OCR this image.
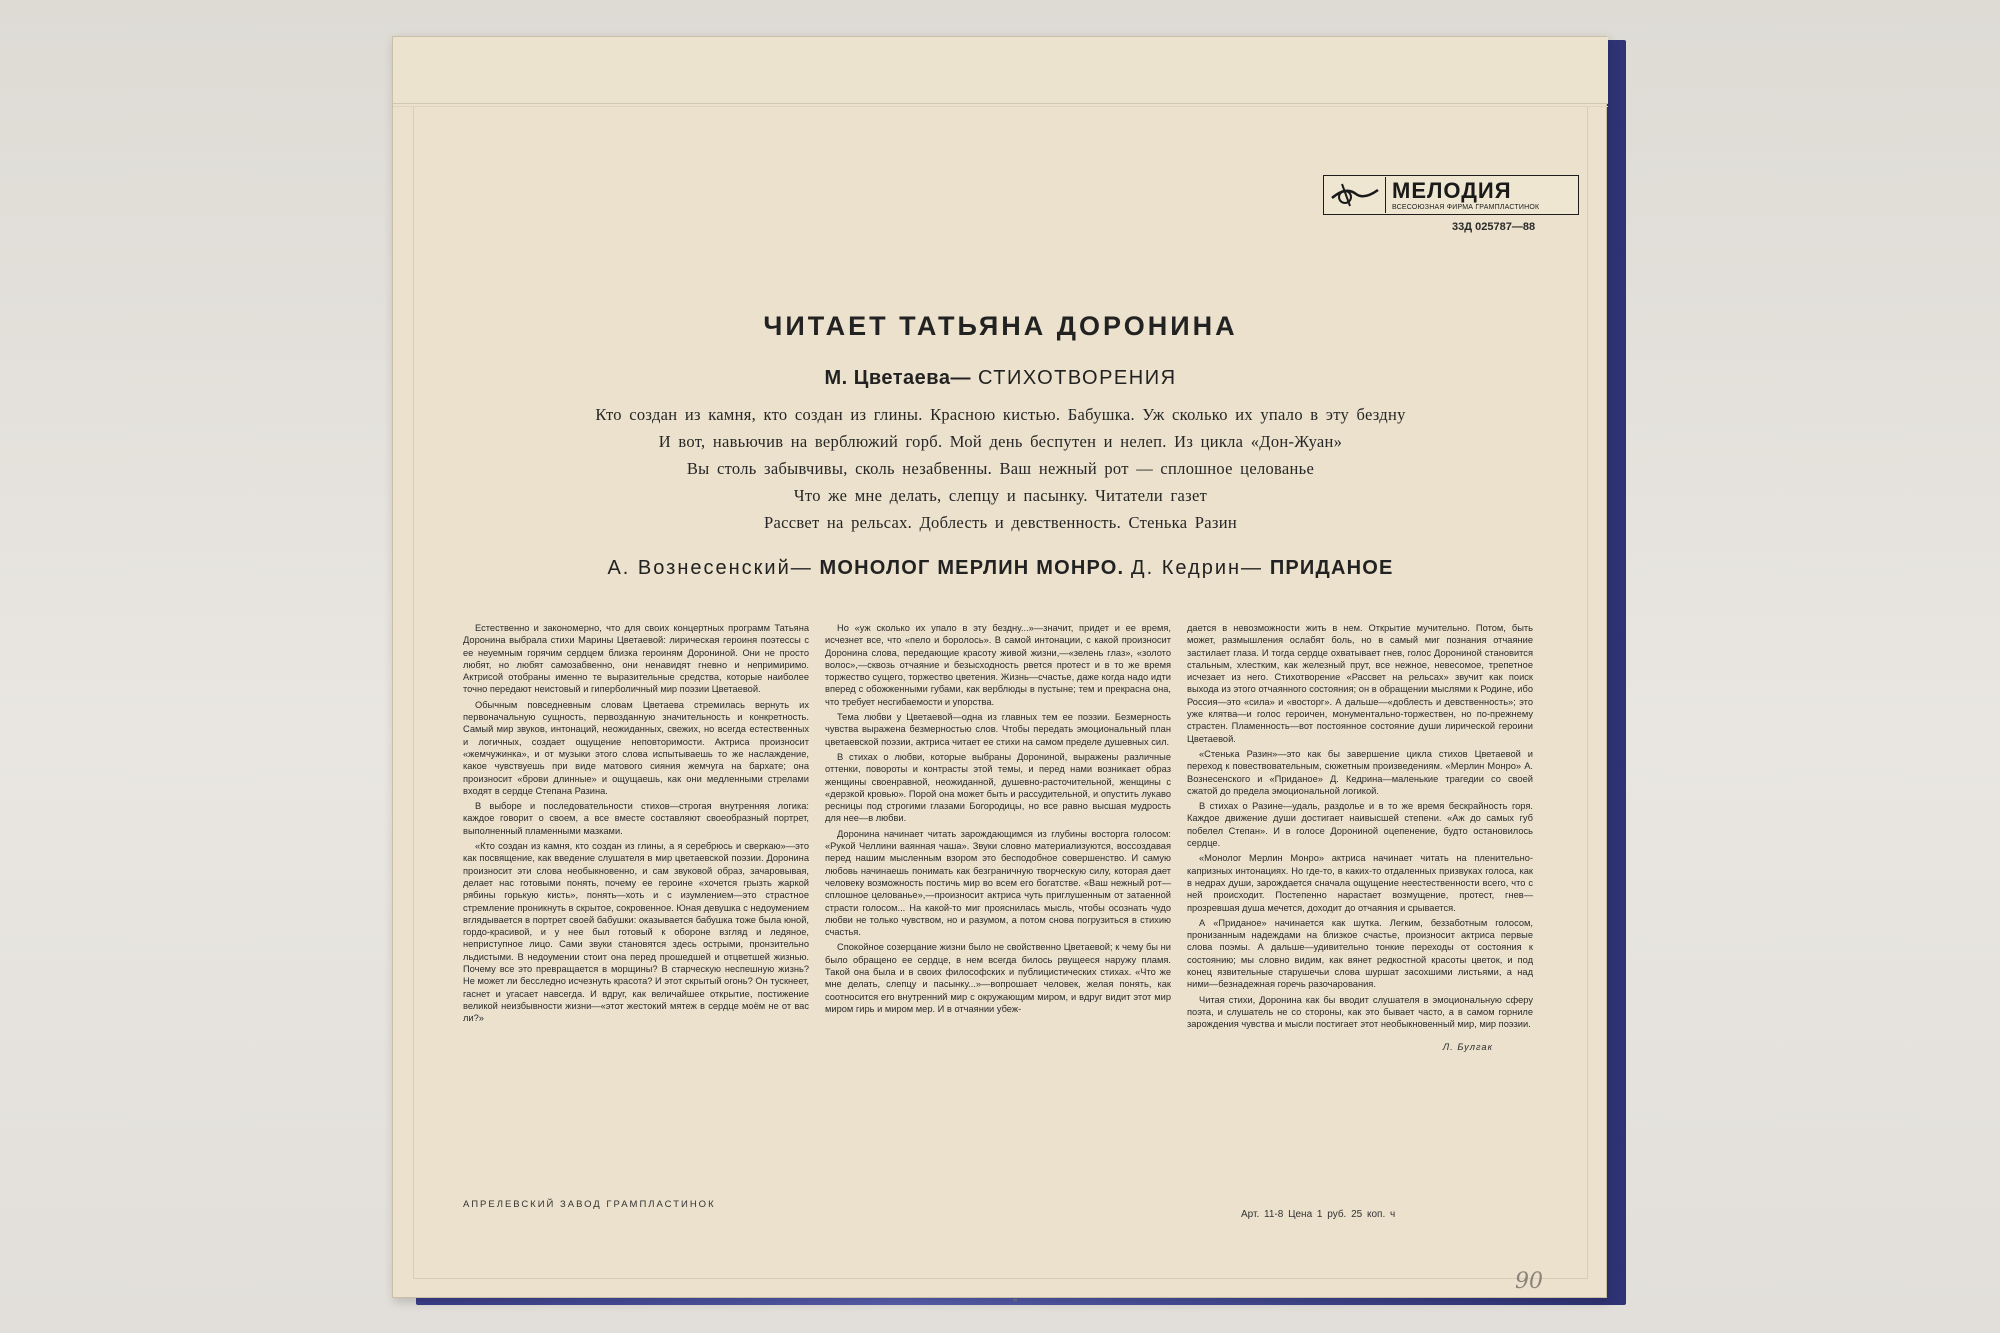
МЕЛОДИЯ
ВСЕСОЮЗНАЯ ФИРМА ГРАМПЛАСТИНОК
33Д 025787—88
ЧИТАЕТ ТАТЬЯНА ДОРОНИНА
М. Цветаева— СТИХОТВОРЕНИЯ
Кто создан из камня, кто создан из глины. Красною кистью. Бабушка. Уж сколько их упало в эту бездну
И вот, навьючив на верблюжий горб. Мой день беспутен и нелеп. Из цикла «Дон-Жуан»
Вы столь забывчивы, сколь незабвенны. Ваш нежный рот — сплошное целованье
Что же мне делать, слепцу и пасынку. Читатели газет
Рассвет на рельсах. Доблесть и девственность. Стенька Разин
А. Вознесенский— МОНОЛОГ МЕРЛИН МОНРО. Д. Кедрин— ПРИДАНОЕ

Естественно и закономерно, что для своих концертных программ Татьяна Доронина выбрала стихи Марины Цветаевой: лирическая героиня поэтессы с ее неуемным горячим сердцем близка героиням Дорониной. Они не просто любят, но любят самозабвенно, они ненавидят гневно и непримиримо. Актрисой отобраны именно те выразительные средства, которые наиболее точно передают неистовый и гиперболичный мир поэзии Цветаевой.

Обычным повседневным словам Цветаева стремилась вернуть их первоначальную сущность, первозданную значительность и конкретность. Самый мир звуков, интонаций, неожиданных, свежих, но всегда естественных и логичных, создает ощущение неповторимости. Актриса произносит «жемчужинка», и от музыки этого слова испытываешь то же наслаждение, какое чувствуешь при виде матового сияния жемчуга на бархате; она произносит «брови длинные» и ощущаешь, как они медленными стрелами входят в сердце Степана Разина.

В выборе и последовательности стихов—строгая внутренняя логика: каждое говорит о своем, а все вместе составляют своеобразный портрет, выполненный пламенными мазками.

«Кто создан из камня, кто создан из глины, а я серебрюсь и сверкаю»—это как посвящение, как введение слушателя в мир цветаевской поэзии. Доронина произносит эти слова необыкновенно, и сам звуковой образ, зачаровывая, делает нас готовыми понять, почему ее героине «хочется грызть жаркой рябины горькую кисть», понять—хоть и с изумлением—это страстное стремление проникнуть в скрытое, сокровенное. Юная девушка с недоумением вглядывается в портрет своей бабушки: оказывается бабушка тоже была юной, гордо-красивой, и у нее был готовый к обороне взгляд и ледяное, неприступное лицо. Сами звуки становятся здесь острыми, пронзительно льдистыми. В недоумении стоит она перед прошедшей и отцветшей жизнью. Почему все это превращается в морщины? В старческую неспешную жизнь? Не может ли бесследно исчезнуть красота? И этот скрытый огонь? Он тускнеет, гаснет и угасает навсегда. И вдруг, как величайшее открытие, постижение великой неизбывности жизни—«этот жестокий мятеж в сердце моём не от вас ли?»

Но «уж сколько их упало в эту бездну...»—значит, придет и ее время, исчезнет все, что «пело и боролось». В самой интонации, с какой произносит Доронина слова, передающие красоту живой жизни,—«зелень глаз», «золото волос»,—сквозь отчаяние и безысходность рвется протест и в то же время торжество сущего, торжество цветения. Жизнь—счастье, даже когда надо идти вперед с обожженными губами, как верблюды в пустыне; тем и прекрасна она, что требует несгибаемости и упорства.

Тема любви у Цветаевой—одна из главных тем ее поэзии. Безмерность чувства выражена безмерностью слов. Чтобы передать эмоциональный план цветаевской поэзии, актриса читает ее стихи на самом пределе душевных сил.

В стихах о любви, которые выбраны Дорониной, выражены различные оттенки, повороты и контрасты этой темы, и перед нами возникает образ женщины своенравной, неожиданной, душевно-расточительной, женщины с «дерзкой кровью». Порой она может быть и рассудительной, и опустить лукаво ресницы под строгими глазами Богородицы, но все равно высшая мудрость для нее—в любви.

Доронина начинает читать зарождающимся из глубины восторга голосом: «Рукой Челлини ваянная чаша». Звуки словно материализуются, воссоздавая перед нашим мысленным взором это бесподобное совершенство. И самую любовь начинаешь понимать как безграничную творческую силу, которая дает человеку возможность постичь мир во всем его богатстве. «Ваш нежный рот—сплошное целованье»,—произносит актриса чуть приглушенным от затаенной страсти голосом... На какой-то миг прояснилась мысль, чтобы осознать чудо любви не только чувством, но и разумом, а потом снова погрузиться в стихию счастья.

Спокойное созерцание жизни было не свойственно Цветаевой; к чему бы ни было обращено ее сердце, в нем всегда билось рвущееся наружу пламя. Такой она была и в своих философских и публицистических стихах. «Что же мне делать, слепцу и пасынку...»—вопрошает человек, желая понять, как соотносится его внутренний мир с окружающим миром, и вдруг видит этот мир миром гирь и миром мер. И в отчаянии убеж-

дается в невозможности жить в нем. Открытие мучительно. Потом, быть может, размышления ослабят боль, но в самый миг познания отчаяние застилает глаза. И тогда сердце охватывает гнев, голос Дорониной становится стальным, хлестким, как железный прут, все нежное, невесомое, трепетное исчезает из него. Стихотворение «Рассвет на рельсах» звучит как поиск выхода из этого отчаянного состояния; он в обращении мыслями к Родине, ибо Россия—это «сила» и «восторг». А дальше—«доблесть и девственность»; это уже клятва—и голос героичен, монументально-торжествен, но по-прежнему страстен. Пламенность—вот постоянное состояние души лирической героини Цветаевой.

«Стенька Разин»—это как бы завершение цикла стихов Цветаевой и переход к повествовательным, сюжетным произведениям. «Мерлин Монро» А. Вознесенского и «Приданое» Д. Кедрина—маленькие трагедии со своей сжатой до предела эмоциональной логикой.

В стихах о Разине—удаль, раздолье и в то же время бескрайность горя. Каждое движение души достигает наивысшей степени. «Аж до самых губ побелел Степан». И в голосе Дорониной оцепенение, будто остановилось сердце.

«Монолог Мерлин Монро» актриса начинает читать на пленительно-капризных интонациях. Но где-то, в каких-то отдаленных призвуках голоса, как в недрах души, зарождается сначала ощущение неестественности всего, что с ней происходит. Постепенно нарастает возмущение, протест, гнев—прозревшая душа мечется, доходит до отчаяния и срывается.

А «Приданое» начинается как шутка. Легким, беззаботным голосом, пронизанным надеждами на близкое счастье, произносит актриса первые слова поэмы. А дальше—удивительно тонкие переходы от состояния к состоянию; мы словно видим, как вянет редкостной красоты цветок, и под конец язвительные старушечьи слова шуршат засохшими листьями, а над ними—безнадежная горечь разочарования.

Читая стихи, Доронина как бы вводит слушателя в эмоциональную сферу поэта, и слушатель не со стороны, как это бывает часто, а в самом горниле зарождения чувства и мысли постигает этот необыкновенный мир, мир поэзии.

Л. Булгак
АПРЕЛЕВСКИЙ ЗАВОД ГРАМПЛАСТИНОК
Арт. 11-8 Цена 1 руб. 25 коп. ч
„
90
